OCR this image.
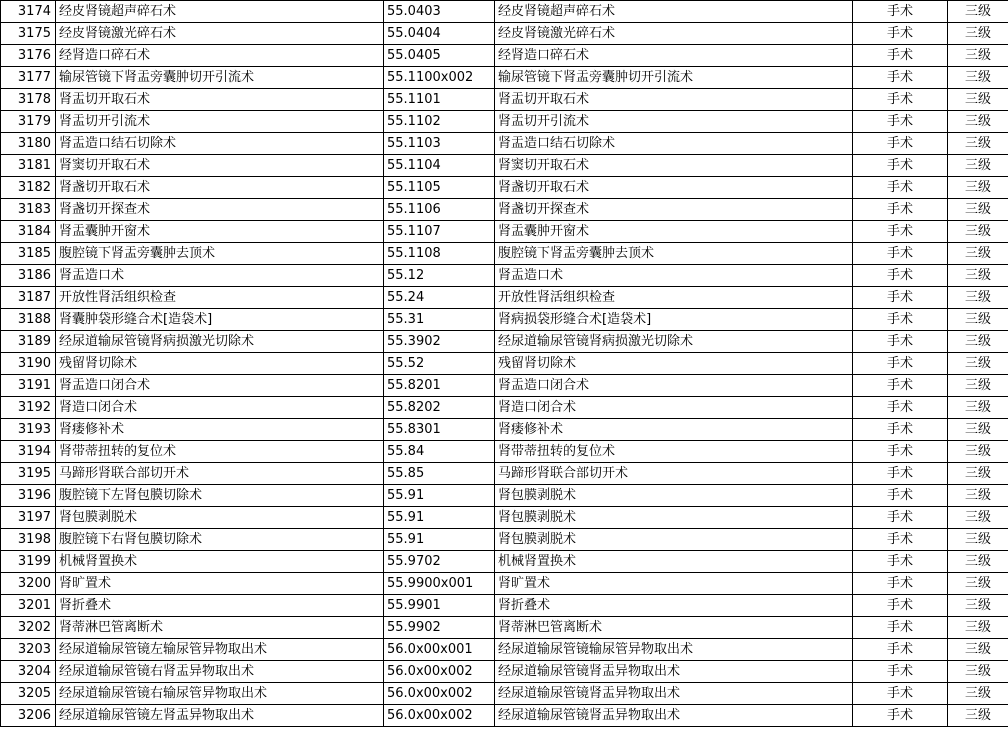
3174	经皮肾镜超声碎石术	55.0403	经皮肾镜超声碎石术	手术	三级
3175	经皮肾镜激光碎石术	55.0404	经皮肾镜激光碎石术	手术	三级
3176	经肾造口碎石术	55.0405	经肾造口碎石术	手术	三级
3177	输尿管镜下肾盂旁囊肿切开引流术	55.1100x002	输尿管镜下肾盂旁囊肿切开引流术	手术	三级
3178	肾盂切开取石术	55.1101	肾盂切开取石术	手术	三级
3179	肾盂切开引流术	55.1102	肾盂切开引流术	手术	三级
3180	肾盂造口结石切除术	55.1103	肾盂造口结石切除术	手术	三级
3181	肾窦切开取石术	55.1104	肾窦切开取石术	手术	三级
3182	肾盏切开取石术	55.1105	肾盏切开取石术	手术	三级
3183	肾盏切开探查术	55.1106	肾盏切开探查术	手术	三级
3184	肾盂囊肿开窗术	55.1107	肾盂囊肿开窗术	手术	三级
3185	腹腔镜下肾盂旁囊肿去顶术	55.1108	腹腔镜下肾盂旁囊肿去顶术	手术	三级
3186	肾盂造口术	55.12	肾盂造口术	手术	三级
3187	开放性肾活组织检查	55.24	开放性肾活组织检查	手术	三级
3188	肾囊肿袋形缝合术[造袋术]	55.31	肾病损袋形缝合术[造袋术]	手术	三级
3189	经尿道输尿管镜肾病损激光切除术	55.3902	经尿道输尿管镜肾病损激光切除术	手术	三级
3190	残留肾切除术	55.52	残留肾切除术	手术	三级
3191	肾盂造口闭合术	55.8201	肾盂造口闭合术	手术	三级
3192	肾造口闭合术	55.8202	肾造口闭合术	手术	三级
3193	肾瘘修补术	55.8301	肾瘘修补术	手术	三级
3194	肾带蒂扭转的复位术	55.84	肾带蒂扭转的复位术	手术	三级
3195	马蹄形肾联合部切开术	55.85	马蹄形肾联合部切开术	手术	三级
3196	腹腔镜下左肾包膜切除术	55.91	肾包膜剥脱术	手术	三级
3197	肾包膜剥脱术	55.91	肾包膜剥脱术	手术	三级
3198	腹腔镜下右肾包膜切除术	55.91	肾包膜剥脱术	手术	三级
3199	机械肾置换术	55.9702	机械肾置换术	手术	三级
3200	肾旷置术	55.9900x001	肾旷置术	手术	三级
3201	肾折叠术	55.9901	肾折叠术	手术	三级
3202	肾蒂淋巴管离断术	55.9902	肾蒂淋巴管离断术	手术	三级
3203	经尿道输尿管镜左输尿管异物取出术	56.0x00x001	经尿道输尿管镜输尿管异物取出术	手术	三级
3204	经尿道输尿管镜右肾盂异物取出术	56.0x00x002	经尿道输尿管镜肾盂异物取出术	手术	三级
3205	经尿道输尿管镜右输尿管异物取出术	56.0x00x002	经尿道输尿管镜肾盂异物取出术	手术	三级
3206	经尿道输尿管镜左肾盂异物取出术	56.0x00x002	经尿道输尿管镜肾盂异物取出术	手术	三级
